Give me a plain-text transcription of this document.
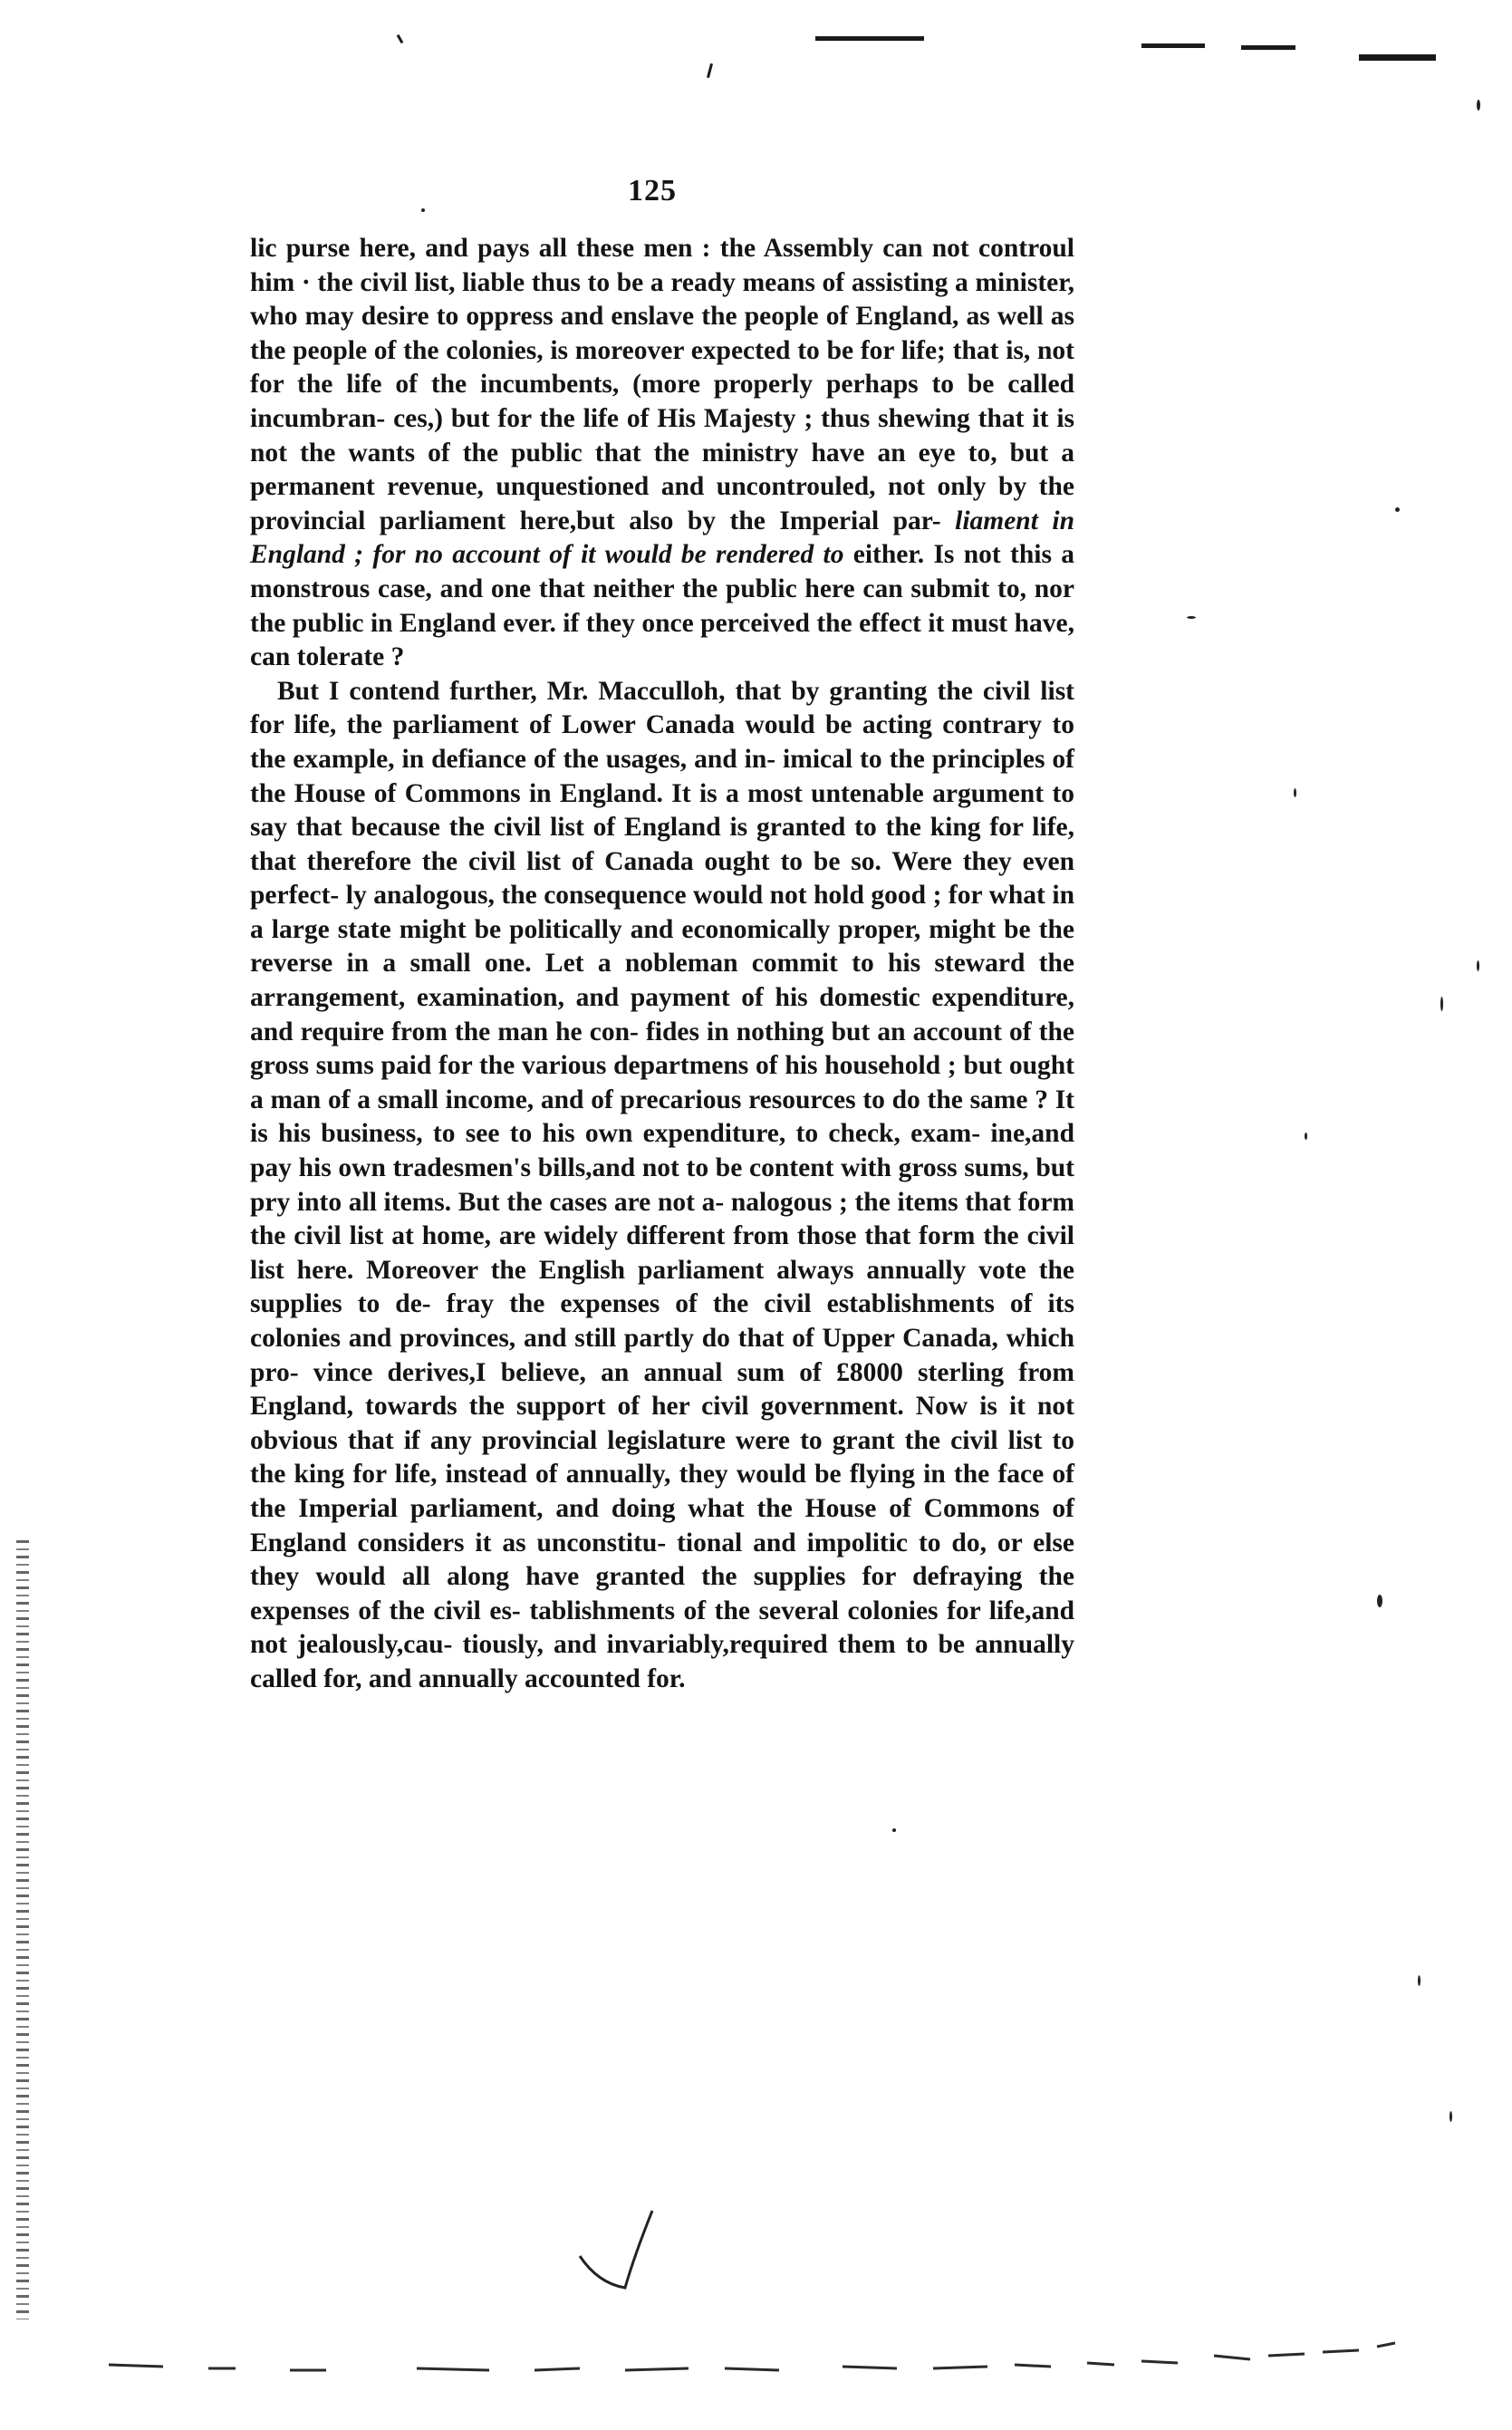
125

lic purse here, and pays all these men : the Assembly can not controul him · the civil list, liable thus to be a ready means of assisting a minister, who may desire to oppress and enslave the people of England, as well as the people of the colonies, is moreover expected to be for life; that is, not for the life of the incumbents, (more properly perhaps to be called incumbran- ces,) but for the life of His Majesty ; thus shewing that it is not the wants of the public that the ministry have an eye to, but a permanent revenue, unquestioned and uncontrouled, not only by the provincial parliament here,but also by the Imperial par- liament in England ; for no account of it would be rendered to either. Is not this a monstrous case, and one that neither the public here can submit to, nor the public in England ever. if they once perceived the effect it must have, can tolerate ?

But I contend further, Mr. Macculloh, that by granting the civil list for life, the parliament of Lower Canada would be acting contrary to the example, in defiance of the usages, and in- imical to the principles of the House of Commons in England. It is a most untenable argument to say that because the civil list of England is granted to the king for life, that therefore the civil list of Canada ought to be so. Were they even perfect- ly analogous, the consequence would not hold good ; for what in a large state might be politically and economically proper, might be the reverse in a small one. Let a nobleman commit to his steward the arrangement, examination, and payment of his domestic expenditure, and require from the man he con- fides in nothing but an account of the gross sums paid for the various departmens of his household ; but ought a man of a small income, and of precarious resources to do the same ? It is his business, to see to his own expenditure, to check, exam- ine,and pay his own tradesmen's bills,and not to be content with gross sums, but pry into all items. But the cases are not a- nalogous ; the items that form the civil list at home, are widely different from those that form the civil list here. Moreover the English parliament always annually vote the supplies to de- fray the expenses of the civil establishments of its colonies and provinces, and still partly do that of Upper Canada, which pro- vince derives,I believe, an annual sum of £8000 sterling from England, towards the support of her civil government. Now is it not obvious that if any provincial legislature were to grant the civil list to the king for life, instead of annually, they would be flying in the face of the Imperial parliament, and doing what the House of Commons of England considers it as unconstitu- tional and impolitic to do, or else they would all along have granted the supplies for defraying the expenses of the civil es- tablishments of the several colonies for life,and not jealously,cau- tiously, and invariably,required them to be annually called for, and annually accounted for.
